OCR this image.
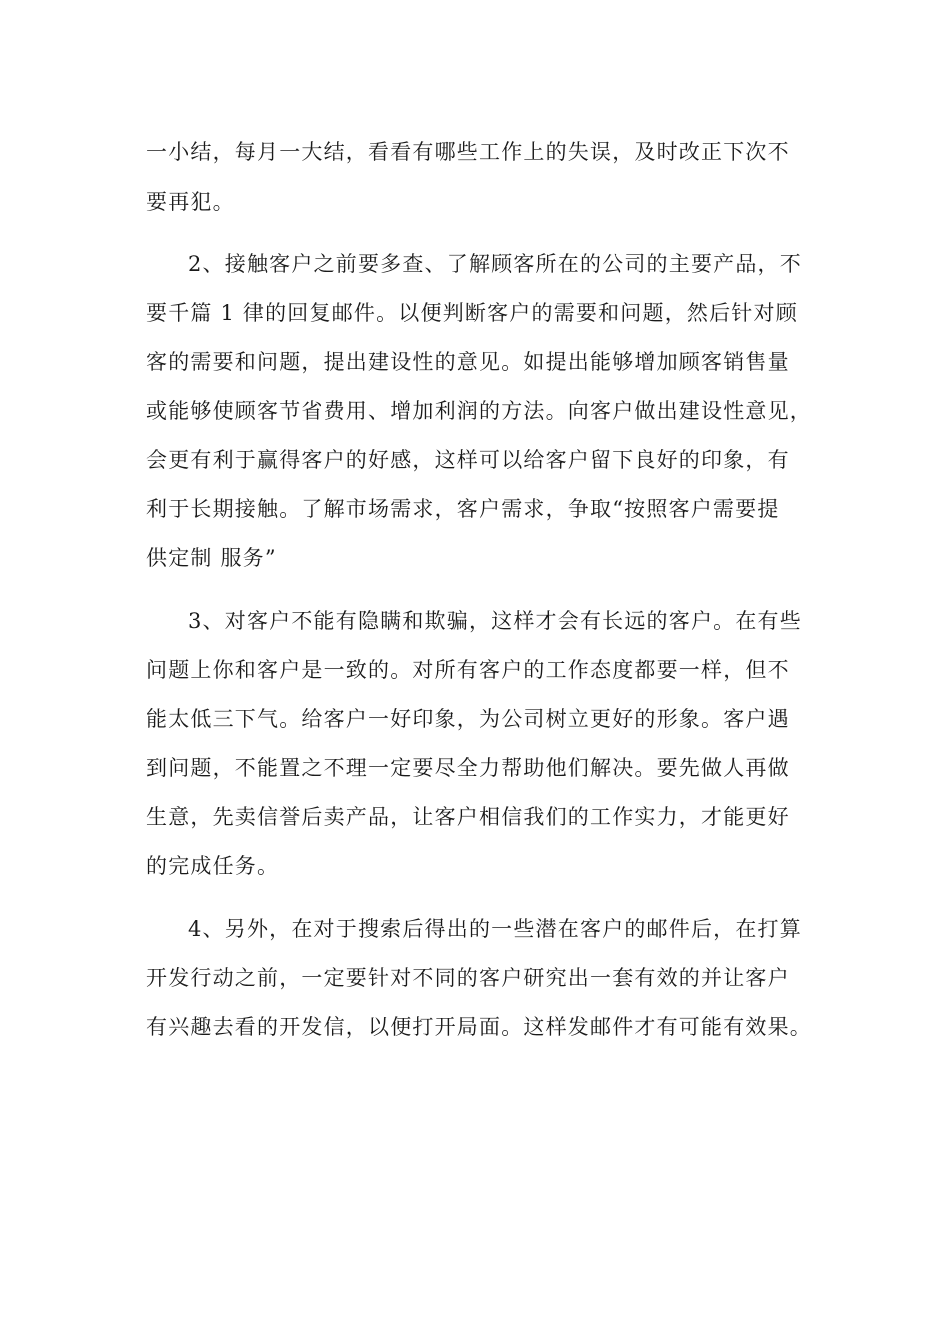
一小结，每月一大结，看看有哪些工作上的失误，及时改正下次不
要再犯。
2、接触客户之前要多查、了解顾客所在的公司的主要产品，不
要千篇 1 律的回复邮件。以便判断客户的需要和问题，然后针对顾
客的需要和问题，提出建设性的意见。如提出能够增加顾客销售量
或能够使顾客节省费用、增加利润的方法。向客户做出建设性意见，
会更有利于赢得客户的好感，这样可以给客户留下良好的印象，有
利于长期接触。了解市场需求，客户需求，争取“按照客户需要提
供定制 服务”
3、对客户不能有隐瞒和欺骗，这样才会有长远的客户。在有些
问题上你和客户是一致的。对所有客户的工作态度都要一样，但不
能太低三下气。给客户一好印象，为公司树立更好的形象。客户遇
到问题，不能置之不理一定要尽全力帮助他们解决。要先做人再做
生意，先卖信誉后卖产品，让客户相信我们的工作实力，才能更好
的完成任务。
4、另外，在对于搜索后得出的一些潜在客户的邮件后，在打算
开发行动之前，一定要针对不同的客户研究出一套有效的并让客户
有兴趣去看的开发信，以便打开局面。这样发邮件才有可能有效果。
